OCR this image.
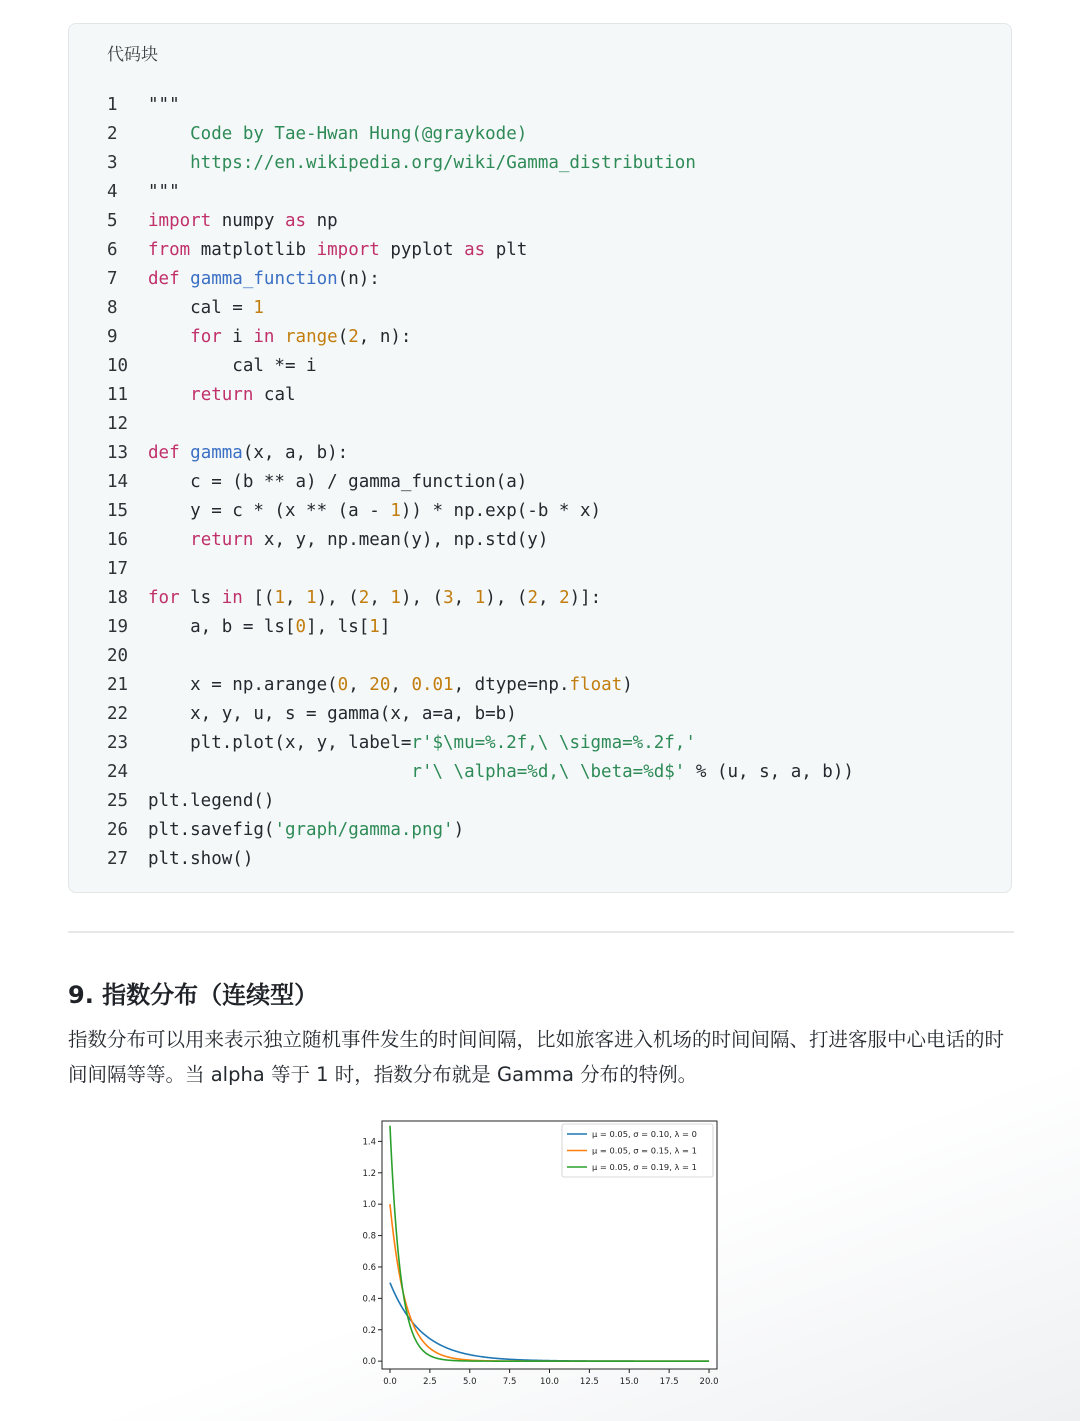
代码块
1	"""
2	Code by Tae-Hwan Hung(@graykode)
3	https://en.wikipedia.org/wiki/Gamma_distribution
4	"""
5	import numpy as np
6	from matplotlib import pyplot as plt
7	def gamma_function(n):
8	cal = 1
9	for i in range(2, n):
10	cal *= i
11	return cal
12
13	def gamma(x, a, b):
14	c = (b ** a) / gamma_function(a)
15	y = c * (x ** (a - 1)) * np.exp(-b * x)
16	return x, y, np.mean(y), np.std(y)
17
18	for ls in [(1, 1), (2, 1), (3, 1), (2, 2)]:
19	a, b = ls[0], ls[1]
20
21	x = np.arange(0, 20, 0.01, dtype=np.float)
22	x, y, u, s = gamma(x, a=a, b=b)
23	plt.plot(x, y, label=r'$\mu=%.2f,\ \sigma=%.2f,'
24	r'\ \alpha=%d,\ \beta=%d$' % (u, s, a, b))
25	plt.legend()
26	plt.savefig('graph/gamma.png')
27	plt.show()
9. 指数分布（连续型）
指数分布可以用来表示独立随机事件发生的时间间隔，比如旅客进入机场的时间间隔、打进客服中心电话的时间间隔等等。当 alpha 等于 1 时，指数分布就是 Gamma 分布的特例。
0.0	2.5	5.0	7.5	10.0 12.5 15.0 17.5 20.0
0.0
0.2
0.4
0.6
0.8
1.0
1.2
1.4
μ = 0.05, σ = 0.10, λ = 0
μ = 0.05, σ = 0.15, λ = 1
μ = 0.05, σ = 0.19, λ = 1
